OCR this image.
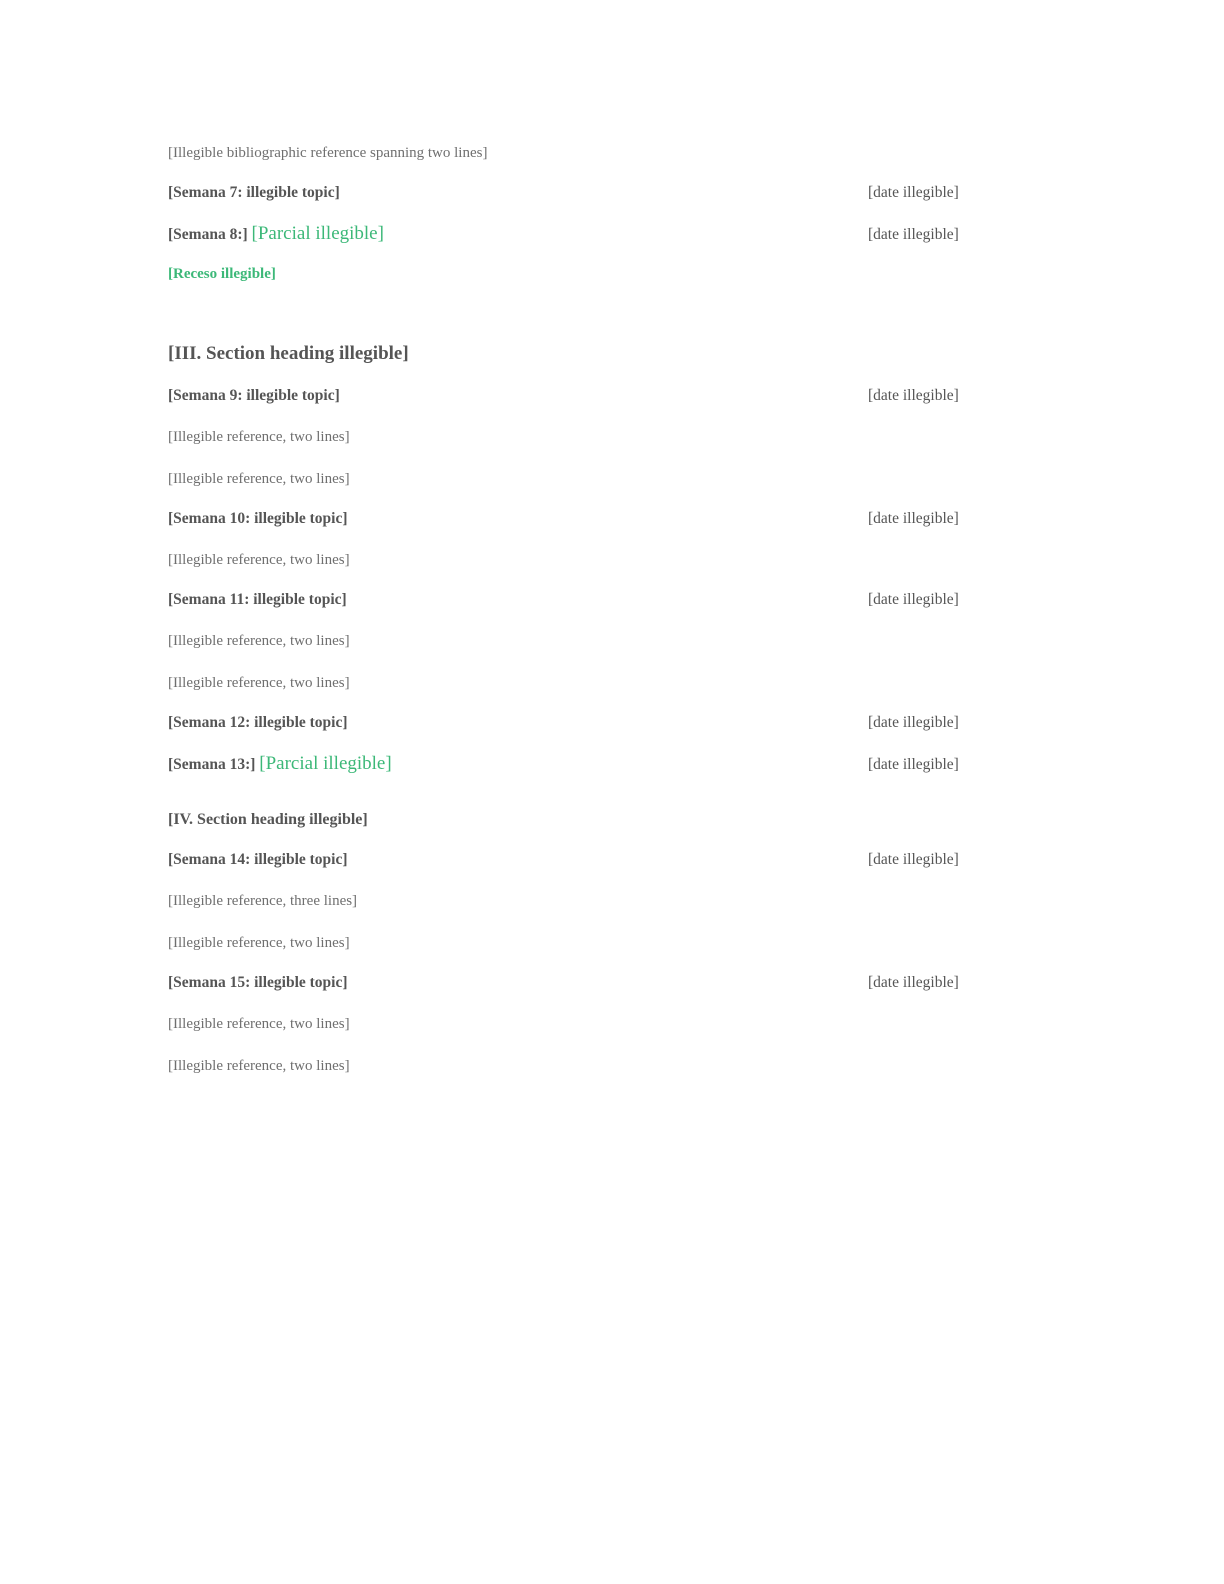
[Illegible bibliographic reference spanning two lines]

[Semana 7: illegible topic]	[date illegible]
[Semana 8:] [Parcial illegible]	[date illegible]
[Receso illegible]
[III. Section heading illegible]
[Semana 9: illegible topic]	[date illegible]

[Illegible reference, two lines]

[Illegible reference, two lines]

[Semana 10: illegible topic]	[date illegible]

[Illegible reference, two lines]

[Semana 11: illegible topic]	[date illegible]

[Illegible reference, two lines]

[Illegible reference, two lines]

[Semana 12: illegible topic]	[date illegible]
[Semana 13:] [Parcial illegible]	[date illegible]
[IV. Section heading illegible]
[Semana 14: illegible topic]	[date illegible]

[Illegible reference, three lines]

[Illegible reference, two lines]

[Semana 15: illegible topic]	[date illegible]

[Illegible reference, two lines]

[Illegible reference, two lines]
